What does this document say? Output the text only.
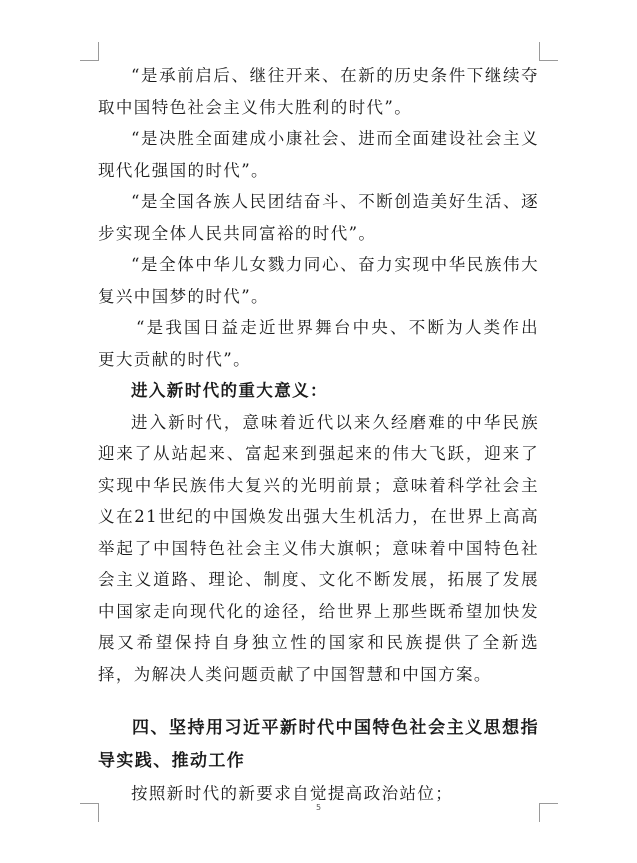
“是承前启后、继往开来、在新的历史条件下继续夺取中国特色社会主义伟大胜利的时代”。

“是决胜全面建成小康社会、进而全面建设社会主义现代化强国的时代”。

“是全国各族人民团结奋斗、不断创造美好生活、逐步实现全体人民共同富裕的时代”。

“是全体中华儿女戮力同心、奋力实现中华民族伟大复兴中国梦的时代”。

“是我国日益走近世界舞台中央、不断为人类作出更大贡献的时代”。

进入新时代的重大意义：

进入新时代，意味着近代以来久经磨难的中华民族迎来了从站起来、富起来到强起来的伟大飞跃，迎来了实现中华民族伟大复兴的光明前景；意味着科学社会主义在21世纪的中国焕发出强大生机活力，在世界上高高举起了中国特色社会主义伟大旗帜；意味着中国特色社会主义道路、理论、制度、文化不断发展，拓展了发展中国家走向现代化的途径，给世界上那些既希望加快发展又希望保持自身独立性的国家和民族提供了全新选择，为解决人类问题贡献了中国智慧和中国方案。

四、坚持用习近平新时代中国特色社会主义思想指导实践、推动工作

按照新时代的新要求自觉提高政治站位；

5
